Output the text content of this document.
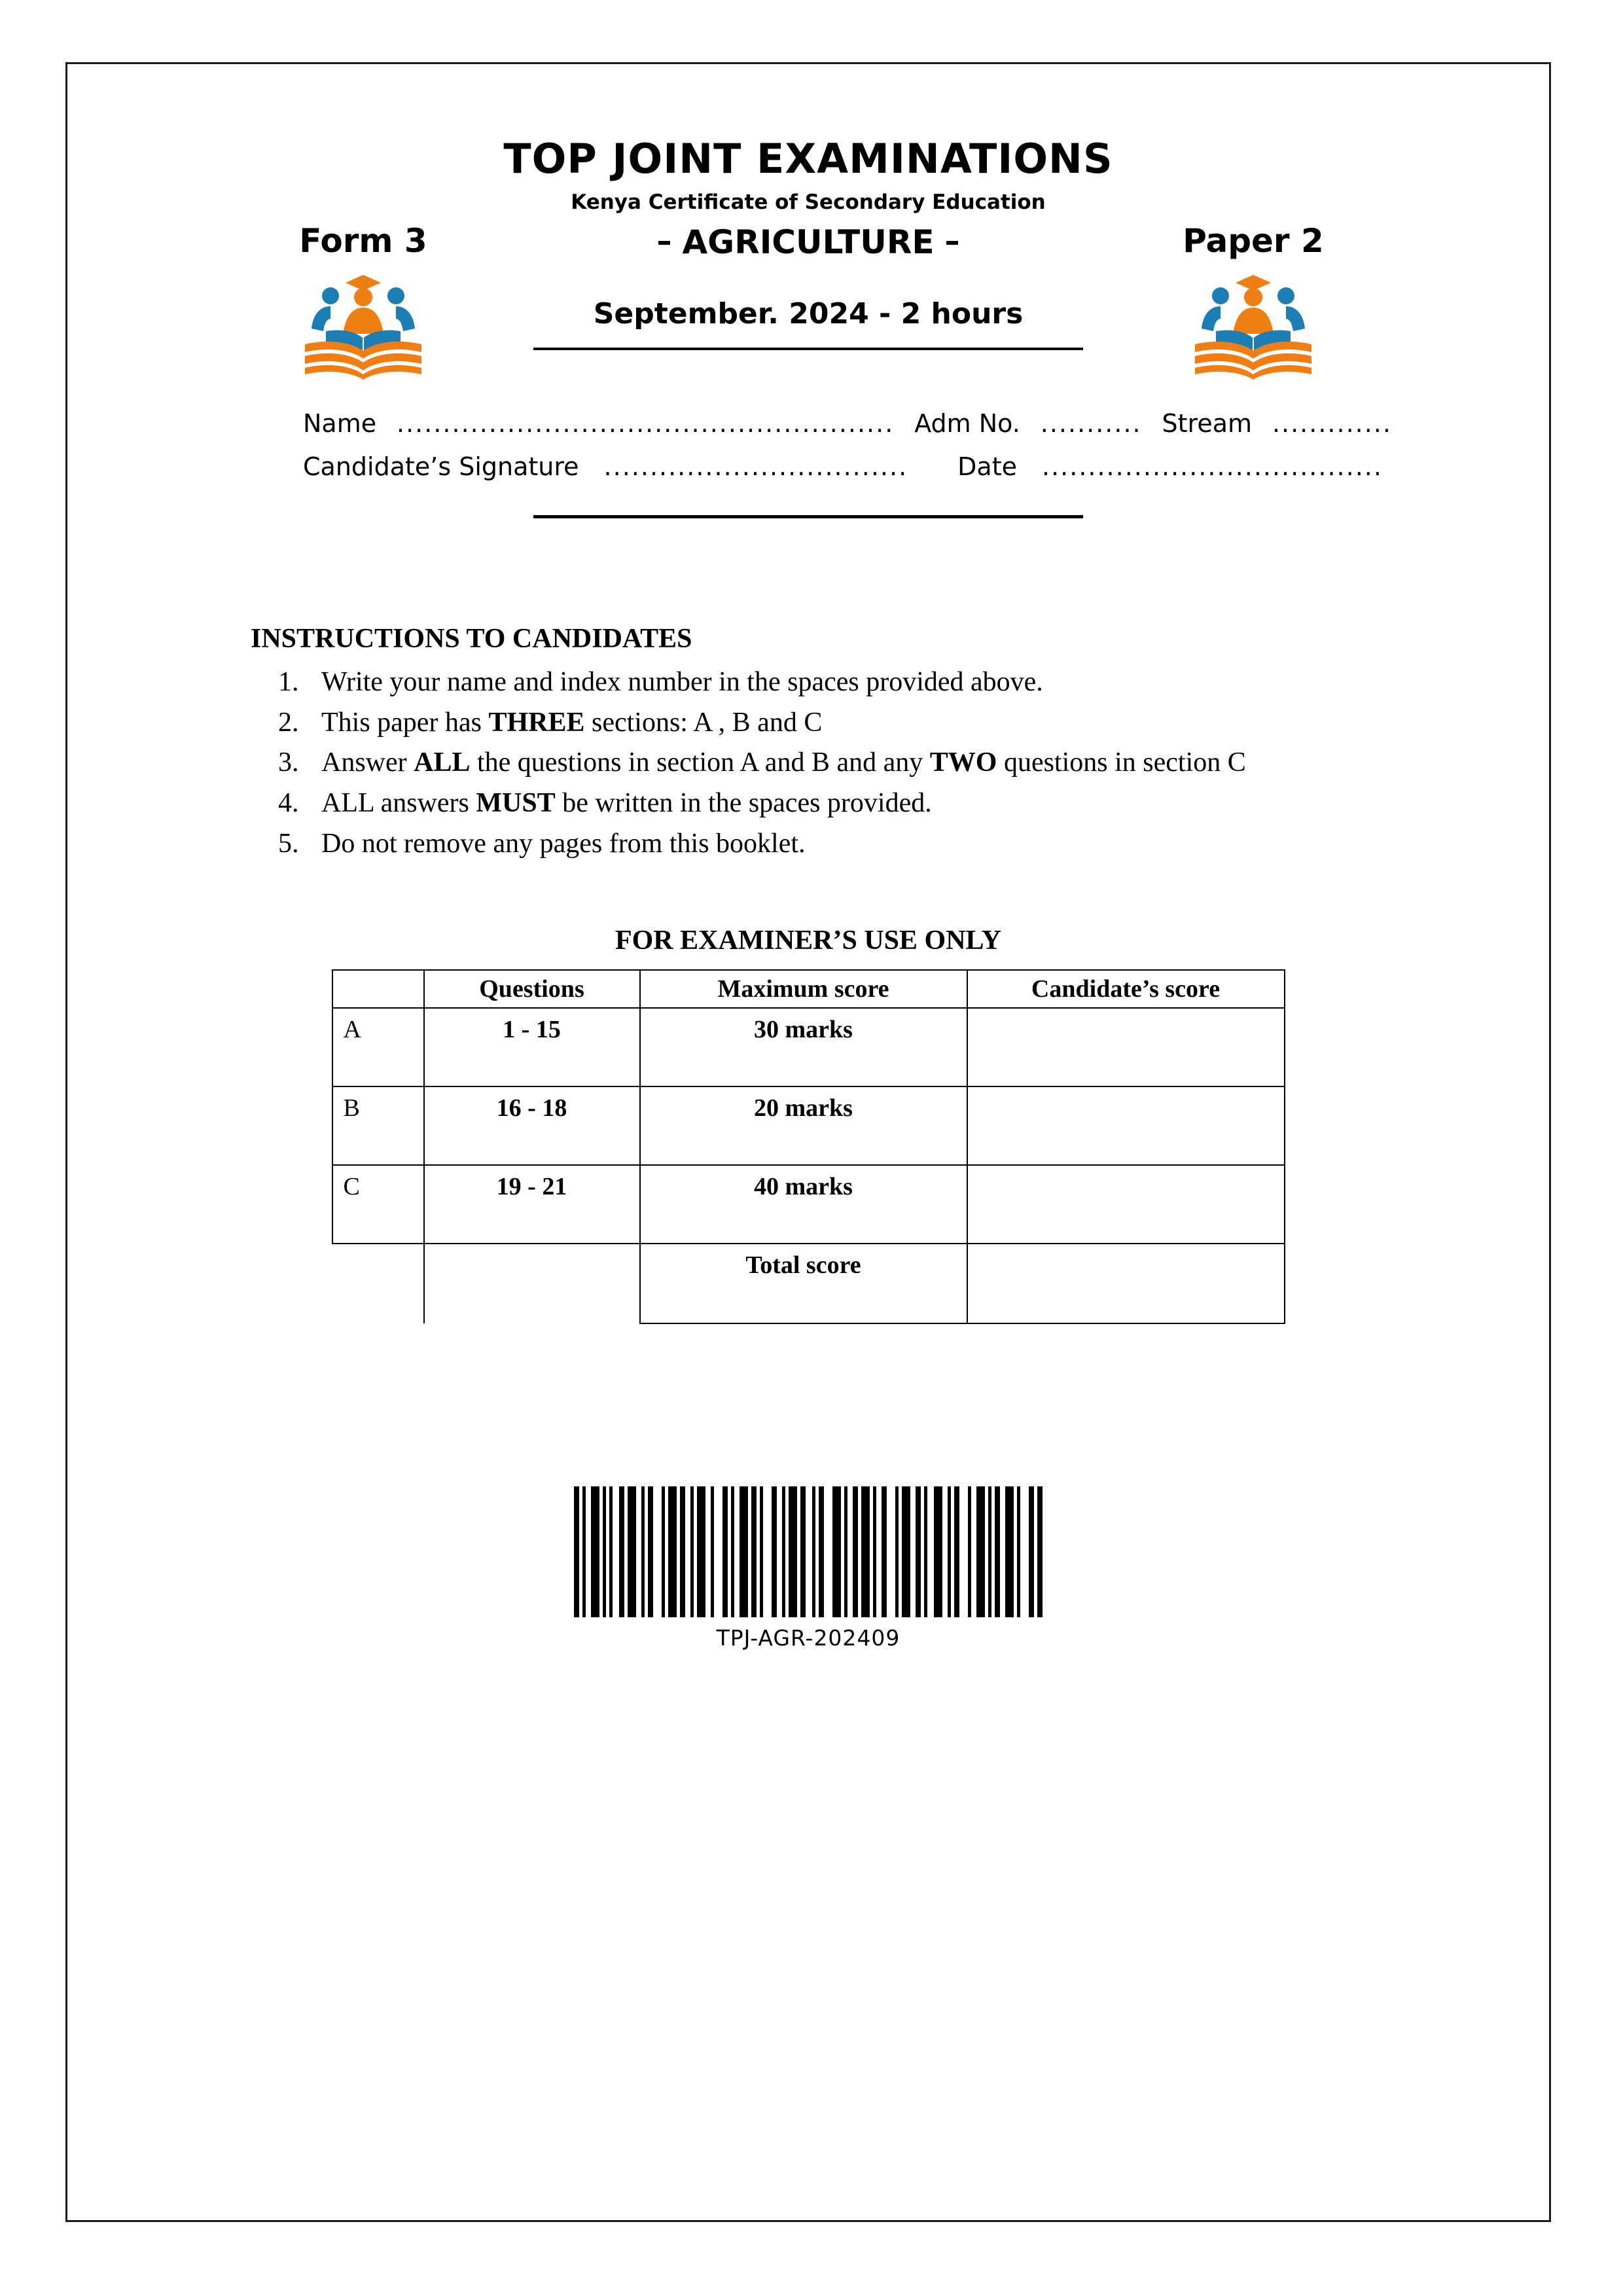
TOP JOINT EXAMINATIONS
Kenya Certificate of Secondary Education
Form 3	– AGRICULTURE –
September. 2024 - 2 hours
Paper 2
Name ...................................................... Adm No. ........... Stream .............
Candidate’s Signature ................................. Date .....................................
INSTRUCTIONS TO CANDIDATES
Write your name and index number in the spaces provided above.
This paper has THREE sections: A , B and C
Answer ALL the questions in section A and B and any TWO questions in section C
ALL answers MUST be written in the spaces provided.
Do not remove any pages from this booklet.
FOR EXAMINER’S USE ONLY
	Questions	Maximum score	Candidate’s score
A	1 - 15	30 marks	
B	16 - 18	20 marks	
C	19 - 21	40 marks	
		Total score	

TPJ-AGR-202409
